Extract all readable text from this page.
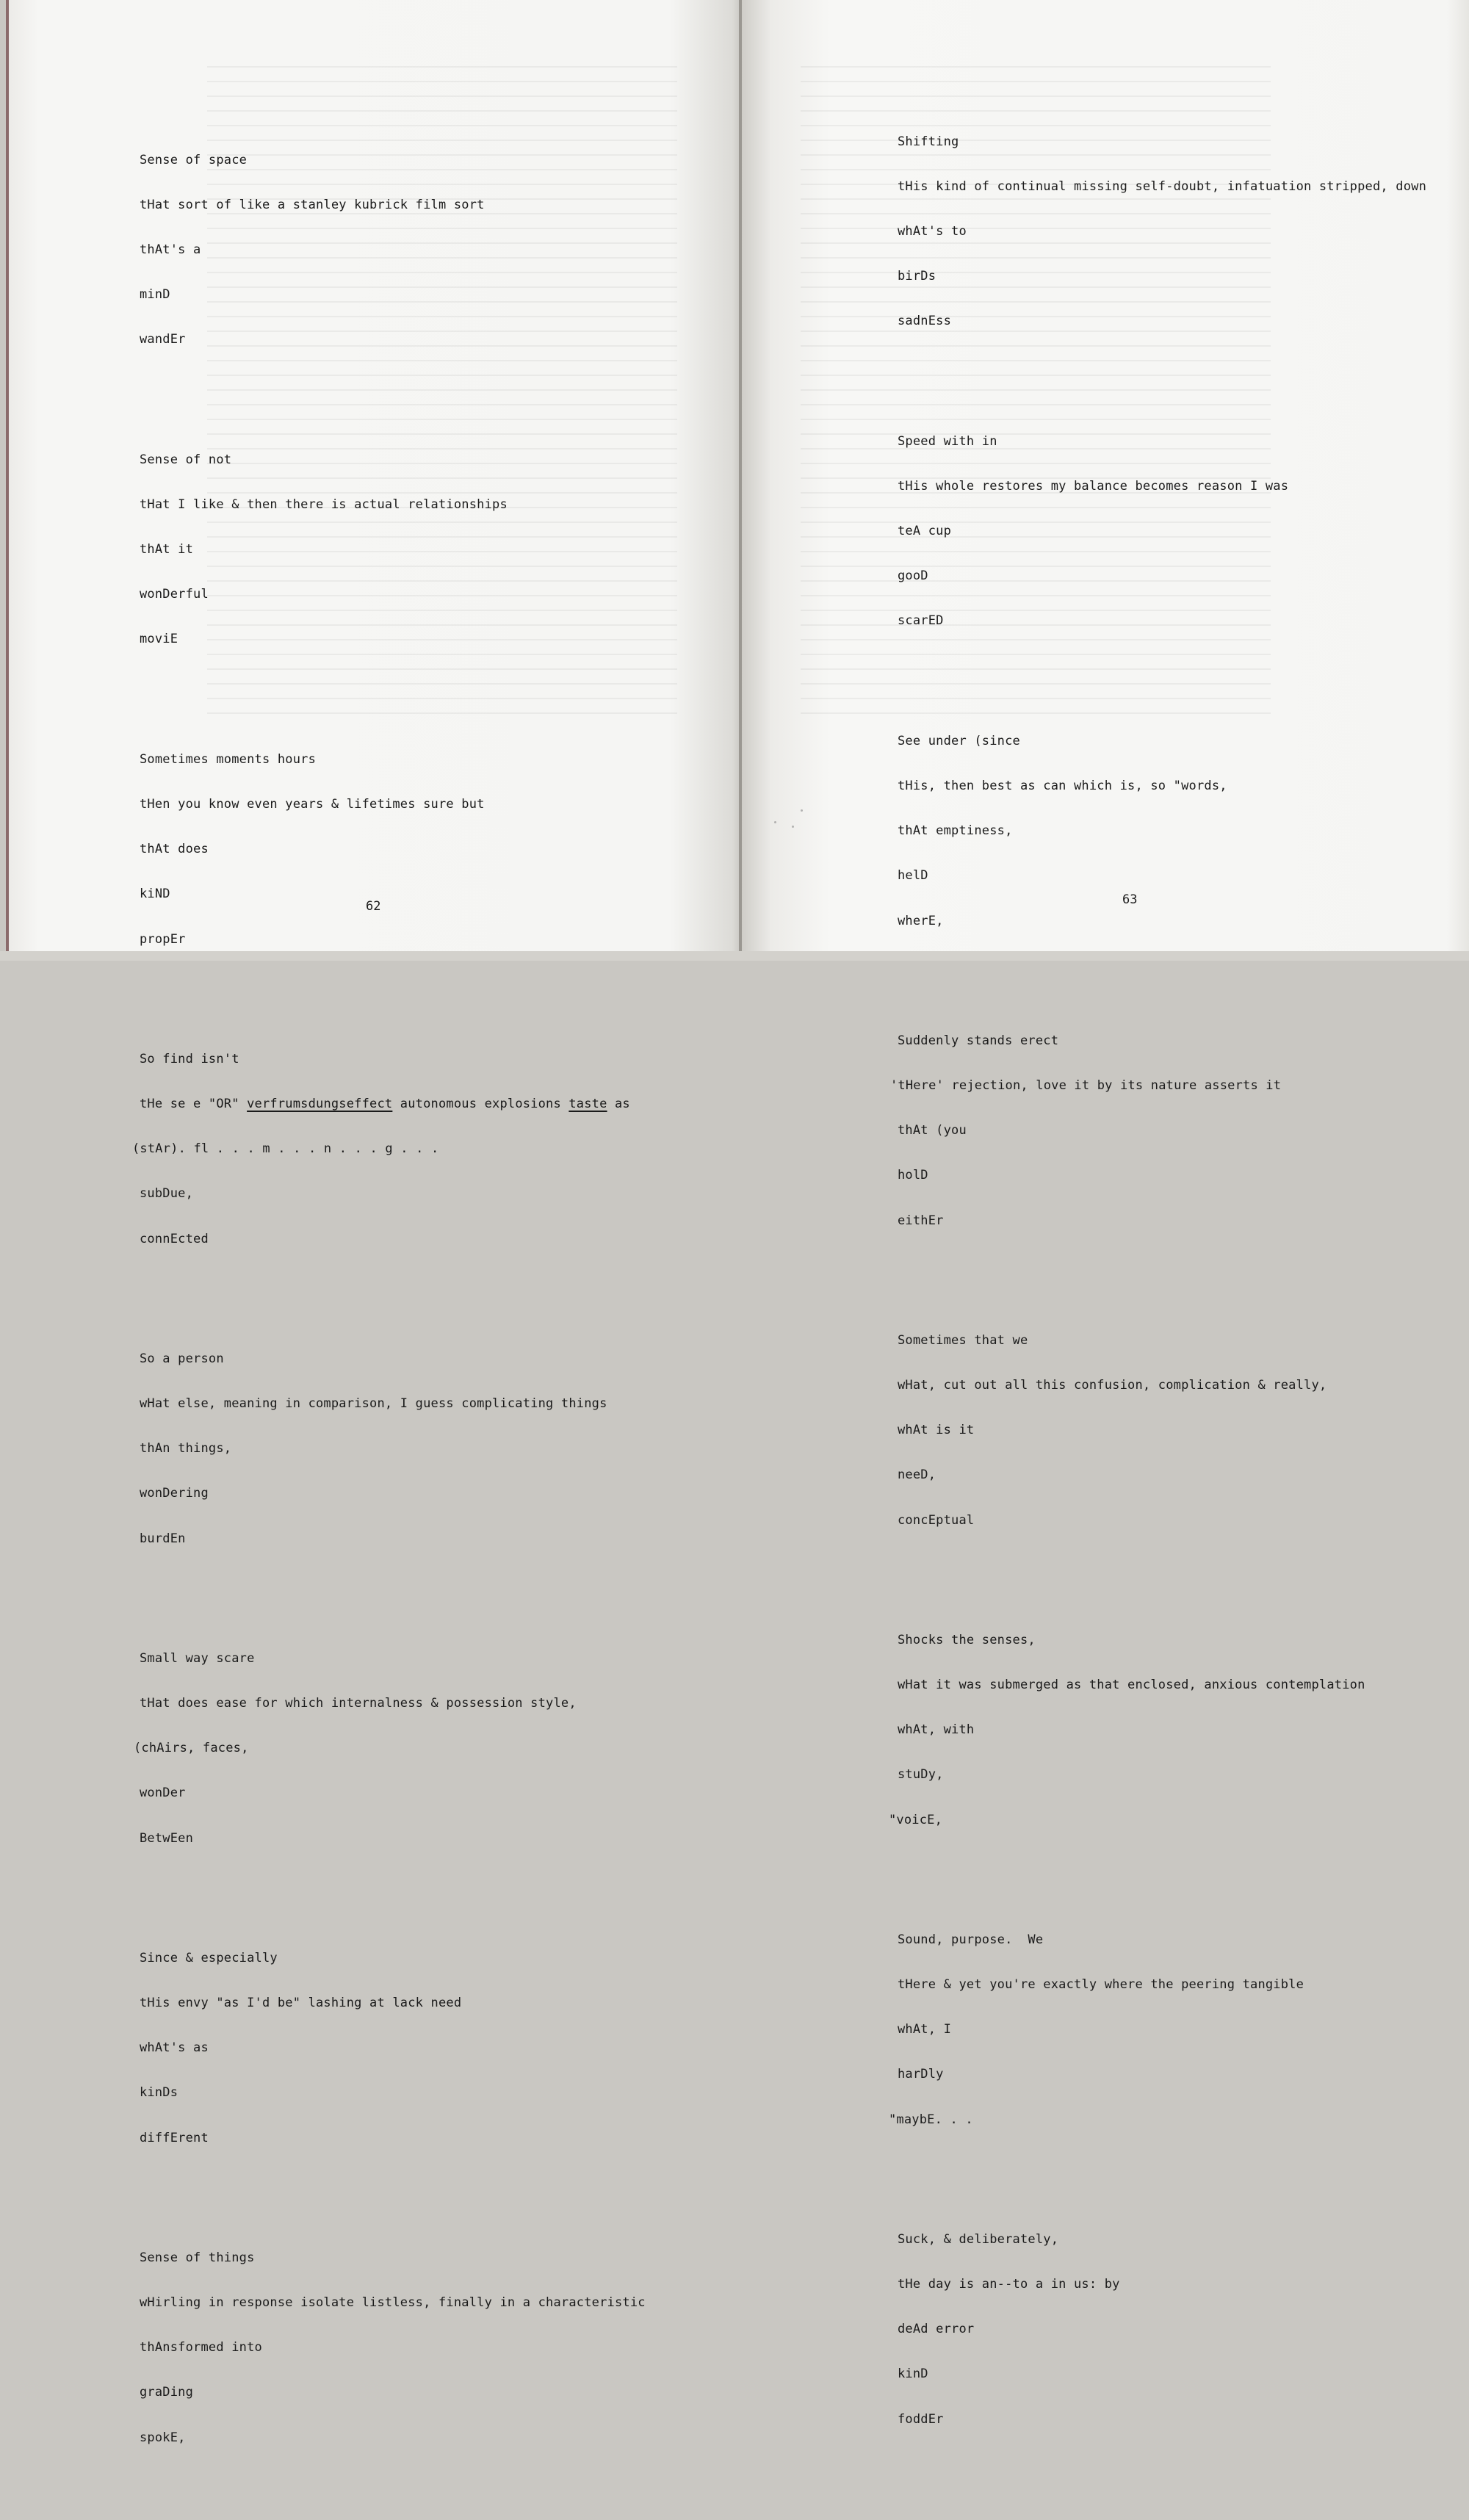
Sense of space

tHat sort of like a stanley kubrick film sort

thAt's a

minD

wandEr

Sense of not

tHat I like & then there is actual relationships

thAt it

wonDerful

moviE

Sometimes moments hours

tHen you know even years & lifetimes sure but

thAt does

kiND

propEr

So find isn't

tHe se e "OR" verfrumsdungseffect autonomous explosions taste as

(stAr). fl . . . m . . . n . . . g . . .

subDue,

connEcted

So a person

wHat else, meaning in comparison, I guess complicating things

thAn things,

wonDering

burdEn

Small way scare

tHat does ease for which internalness & possession style,

(chAirs, faces,

wonDer

BetwEen

Since & especially

tHis envy "as I'd be" lashing at lack need

whAt's as

kinDs

diffErent

Sense of things

wHirling in response isolate listless, finally in a characteristic

thAnsformed into

graDing

spokE,

62

Shifting

tHis kind of continual missing self-doubt, infatuation stripped, down

whAt's to

birDs

sadnEss

Speed with in

tHis whole restores my balance becomes reason I was

teA cup

gooD

scarED

See under (since

tHis, then best as can which is, so "words,

thAt emptiness,

helD

wherE,

Suddenly stands erect

'tHere' rejection, love it by its nature asserts it

thAt (you

holD

eithEr

Sometimes that we

wHat, cut out all this confusion, complication & really,

whAt is it

neeD,

concEptual

Shocks the senses,

wHat it was submerged as that enclosed, anxious contemplation

whAt, with

stuDy,

"voicE,

Sound, purpose.  We

tHere & yet you're exactly where the peering tangible

whAt, I

harDly

"maybE. . .

Suck, & deliberately,

tHe day is an--to a in us: by

deAd error

kinD

foddEr

63
